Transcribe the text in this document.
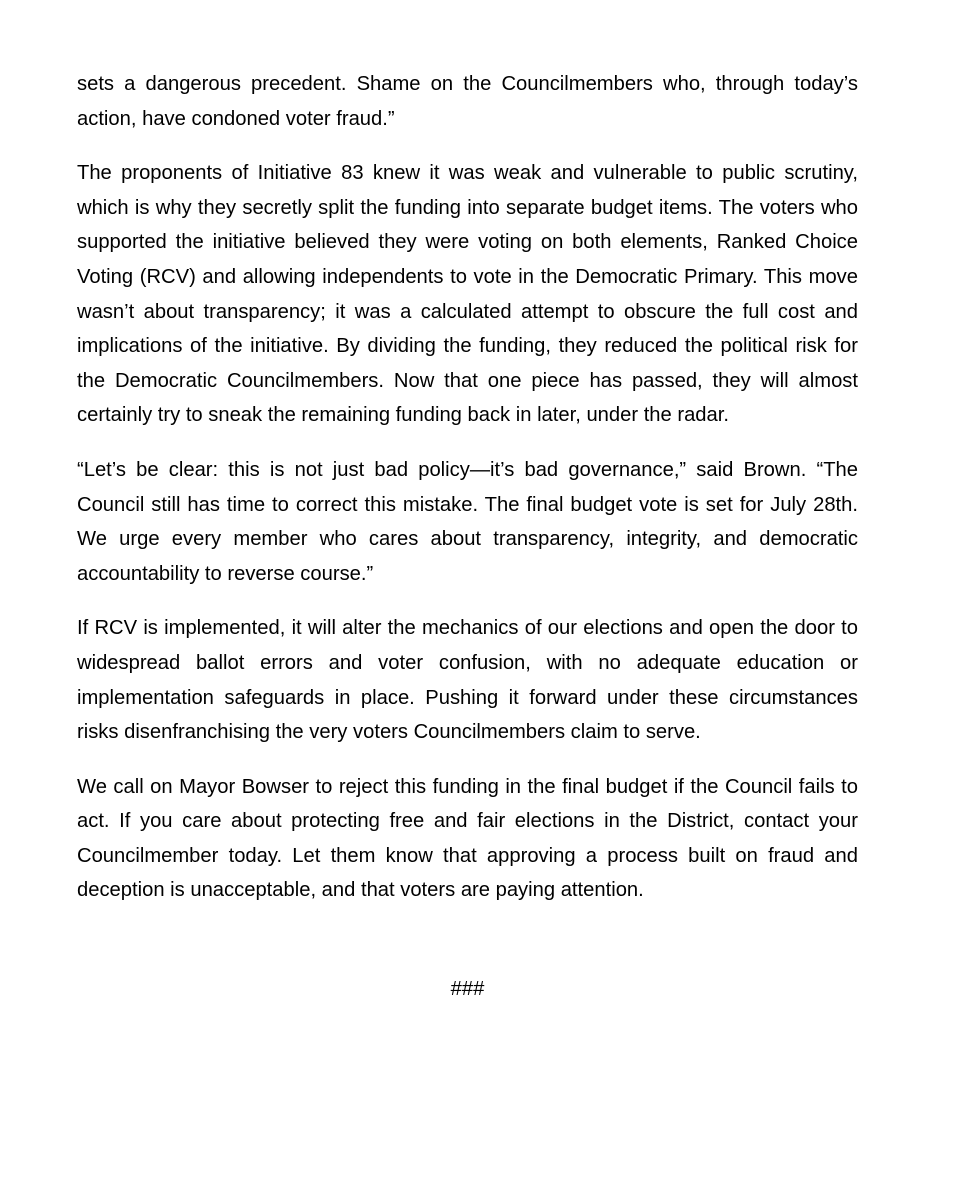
sets a dangerous precedent. Shame on the Councilmembers who, through today’s action, have condoned voter fraud.”

The proponents of Initiative 83 knew it was weak and vulnerable to public scrutiny, which is why they secretly split the funding into separate budget items. The voters who supported the initiative believed they were voting on both elements, Ranked Choice Voting (RCV) and allowing independents to vote in the Democratic Primary. This move wasn’t about transparency; it was a calculated attempt to obscure the full cost and implications of the initiative. By dividing the funding, they reduced the political risk for the Democratic Councilmembers. Now that one piece has passed, they will almost certainly try to sneak the remaining funding back in later, under the radar.

“Let’s be clear: this is not just bad policy—it’s bad governance,” said Brown. “The Council still has time to correct this mistake. The final budget vote is set for July 28th. We urge every member who cares about transparency, integrity, and democratic accountability to reverse course.”

If RCV is implemented, it will alter the mechanics of our elections and open the door to widespread ballot errors and voter confusion, with no adequate education or implementation safeguards in place. Pushing it forward under these circumstances risks disenfranchising the very voters Councilmembers claim to serve.

We call on Mayor Bowser to reject this funding in the final budget if the Council fails to act. If you care about protecting free and fair elections in the District, contact your Councilmember today. Let them know that approving a process built on fraud and deception is unacceptable, and that voters are paying attention.

###
